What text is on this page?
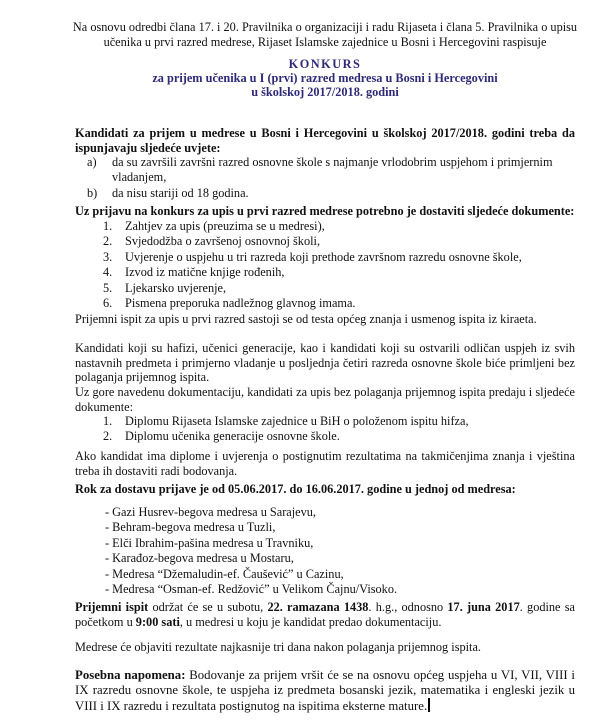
Na osnovu odredbi člana 17. i 20. Pravilnika o organizaciji i radu Rijaseta i člana 5. Pravilnika o upisu učenika u prvi razred medrese, Rijaset Islamske zajednice u Bosni i Hercegovini raspisuje

KONKURS
za prijem učenika u I (prvi) razred medresa u Bosni i Hercegovini
u školskoj 2017/2018. godini

Kandidati za prijem u medrese u Bosni i Hercegovini u školskoj 2017/2018. godini treba da ispunjavaju sljedeće uvjete:

a) da su završili završni razred osnovne škole s najmanje vrlodobrim uspjehom i primjernim
vladanjem,
b) da nisu stariji od 18 godina.

Uz prijavu na konkurs za upis u prvi razred medrese potrebno je dostaviti sljedeće dokumente:

1. Zahtjev za upis (preuzima se u medresi),
2. Svjedodžba o završenoj osnovnoj školi,
3. Uvjerenje o uspjehu u tri razreda koji prethode završnom razredu osnovne škole,
4. Izvod iz matične knjige rođenih,
5. Ljekarsko uvjerenje,
6. Pismena preporuka nadležnog glavnog imama.

Prijemni ispit za upis u prvi razred sastoji se od testa općeg znanja i usmenog ispita iz kiraeta.

Kandidati koji su hafizi, učenici generacije, kao i kandidati koji su ostvarili odličan uspjeh iz svih nastavnih predmeta i primjerno vladanje u posljednja četiri razreda osnovne škole biće primljeni bez polaganja prijemnog ispita.

Uz gore navedenu dokumentaciju, kandidati za upis bez polaganja prijemnog ispita predaju i sljedeće dokumente:

1. Diplomu Rijaseta Islamske zajednice u BiH o položenom ispitu hifza,
2. Diplomu učenika generacije osnovne škole.

Ako kandidat ima diplome i uvjerenja o postignutim rezultatima na takmičenjima znanja i vještina treba ih dostaviti radi bodovanja.

Rok za dostavu prijave je od 05.06.2017. do 16.06.2017. godine u jednoj od medresa:

- Gazi Husrev-begova medresa u Sarajevu,
- Behram-begova medresa u Tuzli,
- Elči Ibrahim-pašina medresa u Travniku,
- Karađoz-begova medresa u Mostaru,
- Medresa “Džemaludin-ef. Čaušević” u Cazinu,
- Medresa “Osman-ef. Redžović” u Velikom Čajnu/Visoko.

Prijemni ispit održat će se u subotu, 22. ramazana 1438. h.g., odnosno 17. juna 2017. godine sa početkom u 9:00 sati, u medresi u koju je kandidat predao dokumentaciju.

Medrese će objaviti rezultate najkasnije tri dana nakon polaganja prijemnog ispita.

Posebna napomena: Bodovanje za prijem vršit će se na osnovu općeg uspjeha u VI, VII, VIII i IX razredu osnovne škole, te uspjeha iz predmeta bosanski jezik, matematika i engleski jezik u VIII i IX razredu i rezultata postignutog na ispitima eksterne mature.
